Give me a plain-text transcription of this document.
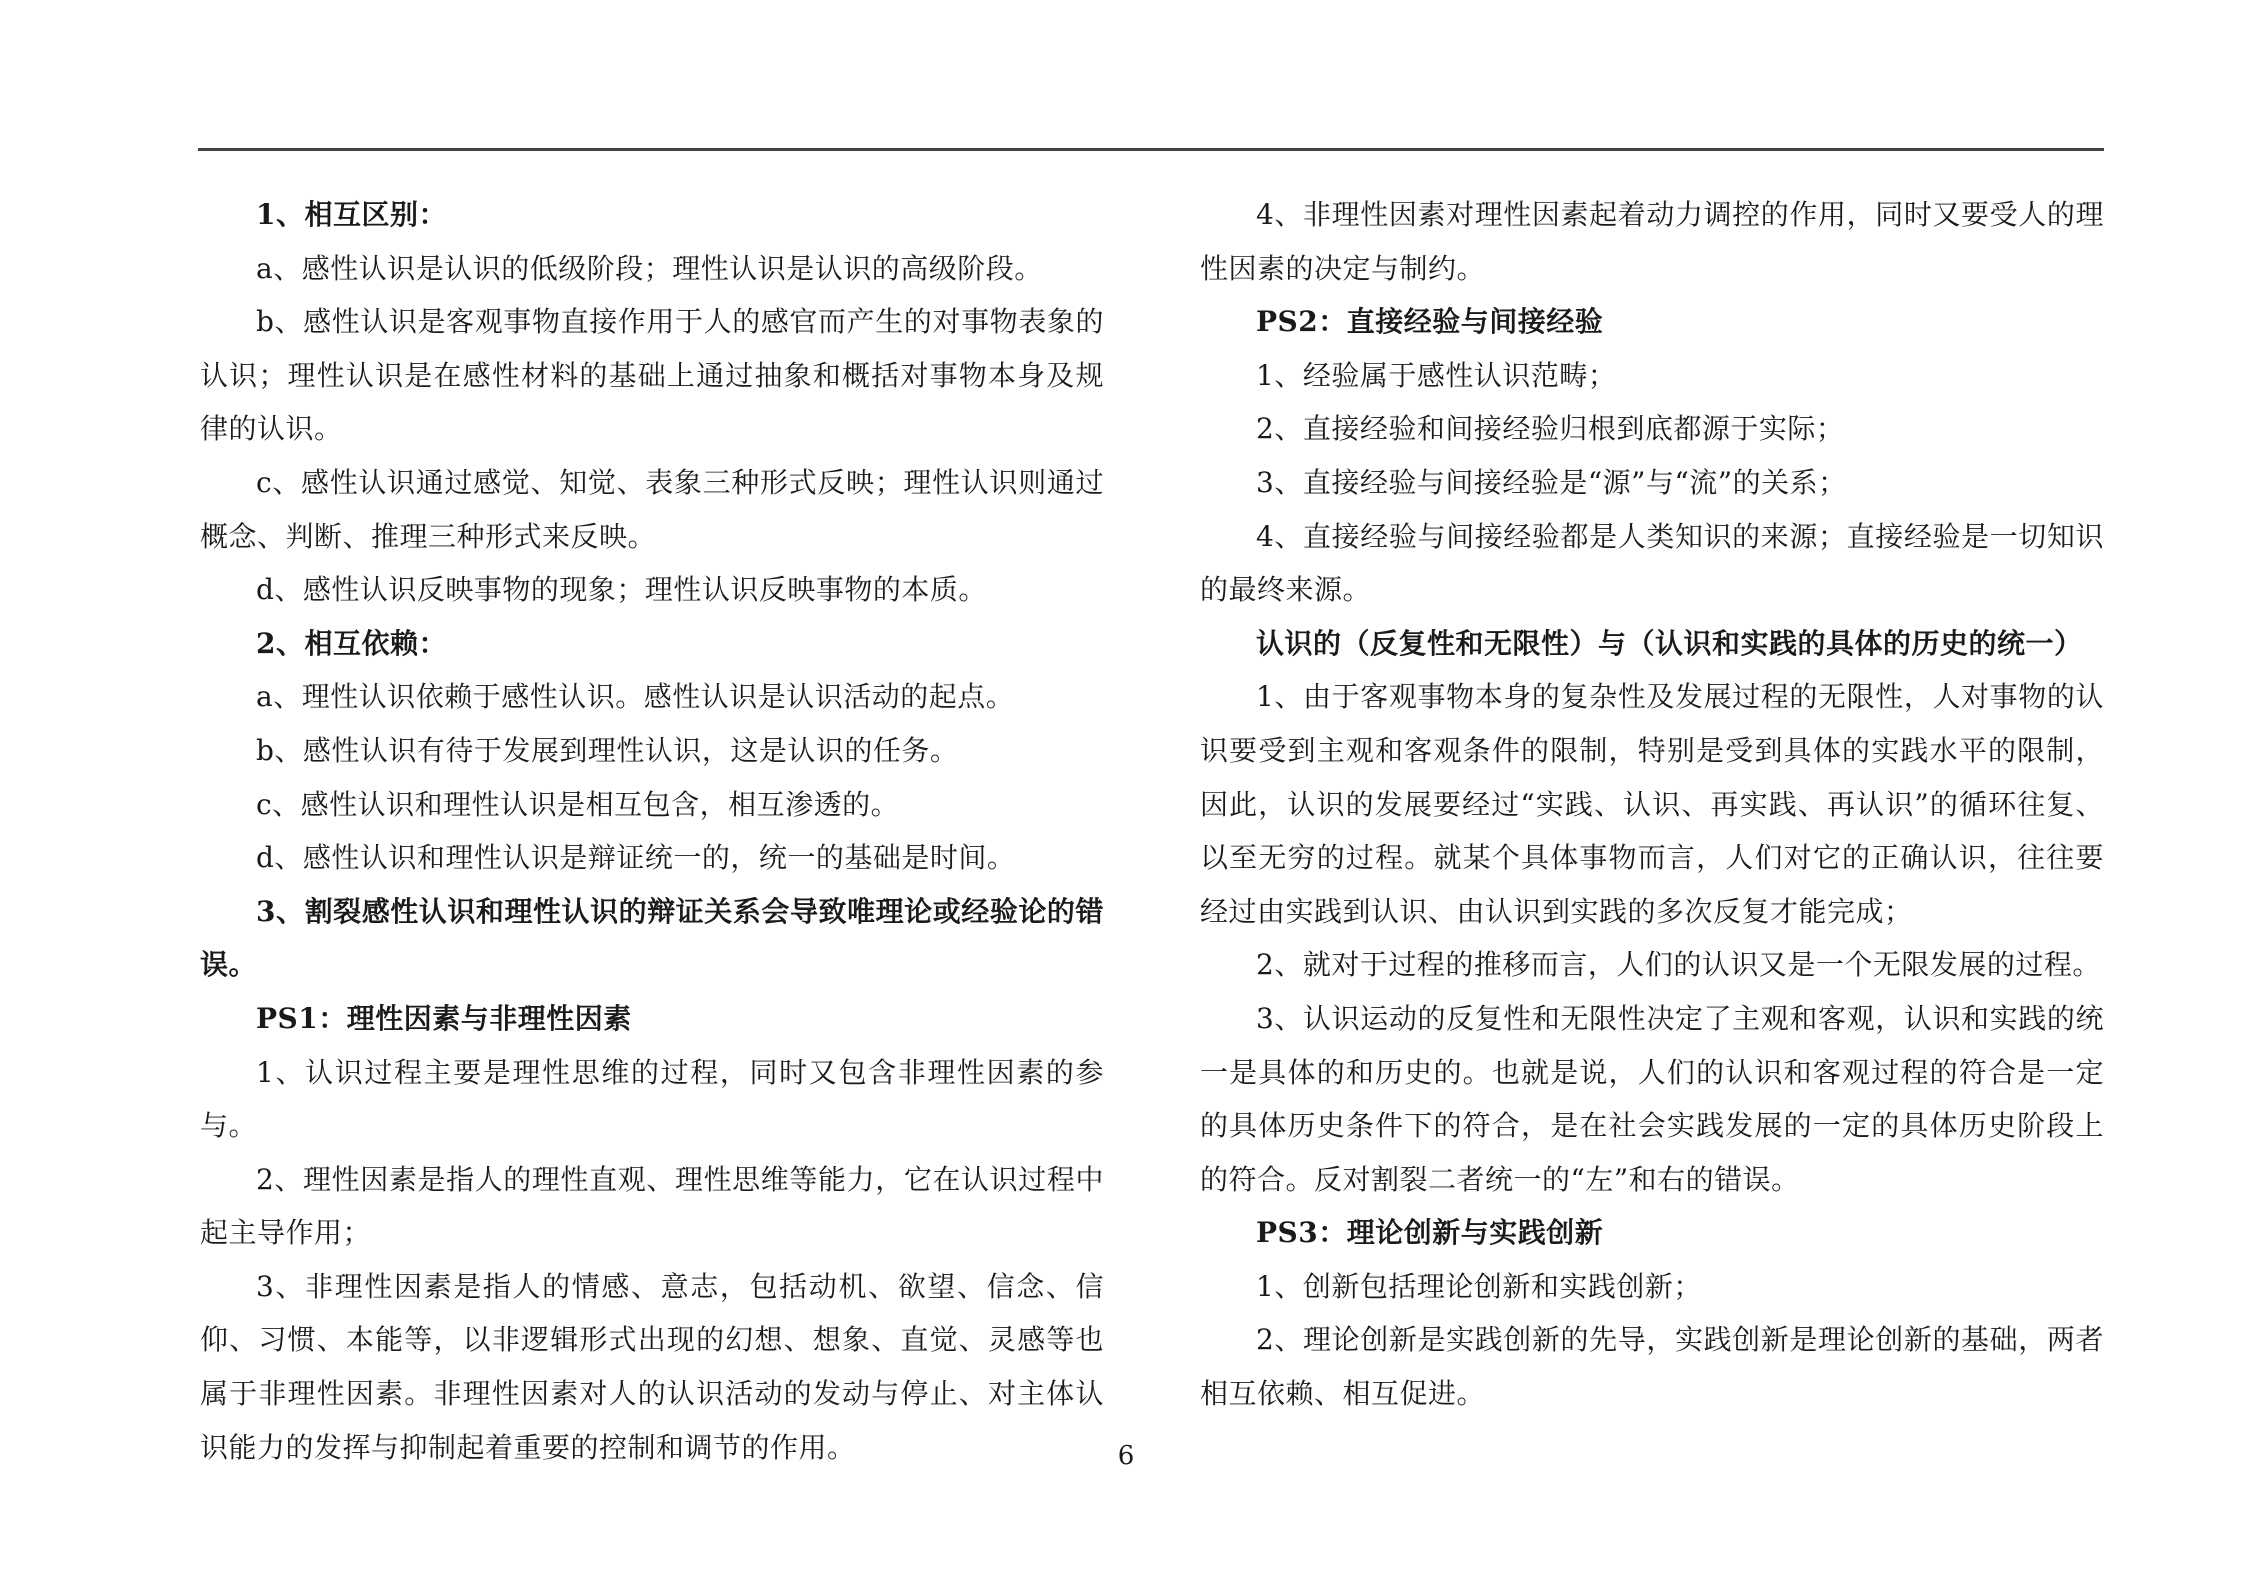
1、相互区别：

a、感性认识是认识的低级阶段；理性认识是认识的高级阶段。

b、感性认识是客观事物直接作用于人的感官而产生的对事物表象的认识；理性认识是在感性材料的基础上通过抽象和概括对事物本身及规律的认识。

c、感性认识通过感觉、知觉、表象三种形式反映；理性认识则通过概念、判断、推理三种形式来反映。

d、感性认识反映事物的现象；理性认识反映事物的本质。

2、相互依赖：

a、理性认识依赖于感性认识。感性认识是认识活动的起点。

b、感性认识有待于发展到理性认识，这是认识的任务。

c、感性认识和理性认识是相互包含，相互渗透的。

d、感性认识和理性认识是辩证统一的，统一的基础是时间。

3、割裂感性认识和理性认识的辩证关系会导致唯理论或经验论的错误。

PS1：理性因素与非理性因素

1、认识过程主要是理性思维的过程，同时又包含非理性因素的参与。

2、理性因素是指人的理性直观、理性思维等能力，它在认识过程中起主导作用；

3、非理性因素是指人的情感、意志，包括动机、欲望、信念、信仰、习惯、本能等，以非逻辑形式出现的幻想、想象、直觉、灵感等也属于非理性因素。非理性因素对人的认识活动的发动与停止、对主体认识能力的发挥与抑制起着重要的控制和调节的作用。

4、非理性因素对理性因素起着动力调控的作用，同时又要受人的理性因素的决定与制约。

PS2：直接经验与间接经验

1、经验属于感性认识范畴；

2、直接经验和间接经验归根到底都源于实际；

3、直接经验与间接经验是“源”与“流”的关系；

4、直接经验与间接经验都是人类知识的来源；直接经验是一切知识的最终来源。

认识的（反复性和无限性）与（认识和实践的具体的历史的统一）

1、由于客观事物本身的复杂性及发展过程的无限性，人对事物的认识要受到主观和客观条件的限制，特别是受到具体的实践水平的限制，因此，认识的发展要经过“实践、认识、再实践、再认识”的循环往复、以至无穷的过程。就某个具体事物而言，人们对它的正确认识，往往要经过由实践到认识、由认识到实践的多次反复才能完成；

2、就对于过程的推移而言，人们的认识又是一个无限发展的过程。

3、认识运动的反复性和无限性决定了主观和客观，认识和实践的统一是具体的和历史的。也就是说，人们的认识和客观过程的符合是一定的具体历史条件下的符合，是在社会实践发展的一定的具体历史阶段上的符合。反对割裂二者统一的“左”和右的错误。

PS3：理论创新与实践创新

1、创新包括理论创新和实践创新；

2、理论创新是实践创新的先导，实践创新是理论创新的基础，两者相互依赖、相互促进。

6
